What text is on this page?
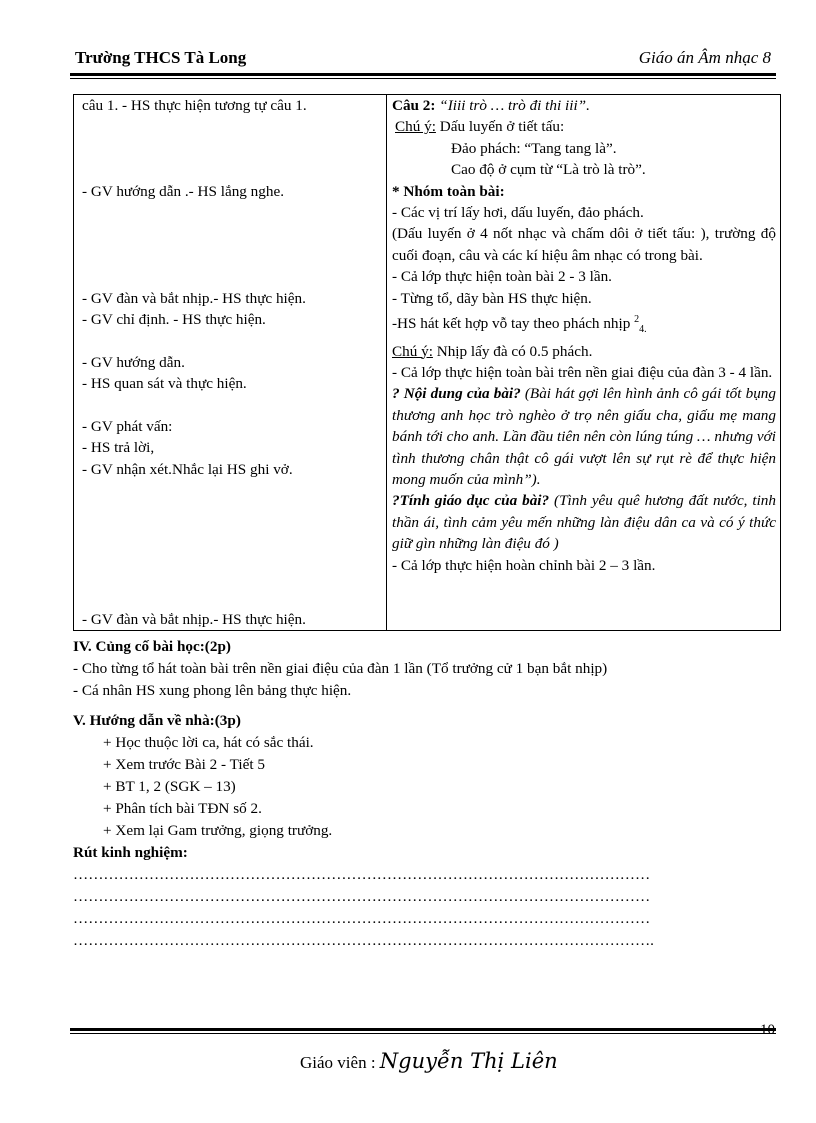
Trường THCS Tà Long	Giáo án Âm nhạc 8
câu 1. - HS thực hiện tương tự câu 1.
- GV hướng dẫn .- HS lắng nghe.
- GV đàn và bắt nhịp.- HS thực hiện.
- GV chỉ định. - HS thực hiện.
- GV hướng dẫn.
- HS quan sát và thực hiện.
- GV phát vấn:
- HS trả lời,
- GV nhận xét.Nhắc lại HS ghi vở.
- GV đàn và bắt nhịp.- HS thực hiện.

Câu 2: “Iiii trò … trò đi thi iii”.
Chú ý: Dấu luyến ở tiết tấu:
Đảo phách: “Tang tang là”.
Cao độ ở cụm từ “Là trò là trò”.
* Nhóm toàn bài:
- Các vị trí lấy hơi, dấu luyến, đảo phách.
(Dấu luyến ở 4 nốt nhạc và chấm dôi ở tiết tấu: ), trường độ cuối đoạn, câu và các kí hiệu âm nhạc có trong bài.
- Cả lớp thực hiện toàn bài 2 - 3 lần.
- Từng tổ, dãy bàn HS thực hiện.
-HS hát kết hợp vỗ tay theo phách nhịp $^2_{4.}$
Chú ý: Nhịp lấy đà có 0.5 phách.
- Cả lớp thực hiện toàn bài trên nền giai điệu của đàn 3 - 4 lần.
? Nội dung của bài? (Bài hát gợi lên hình ảnh cô gái tốt bụng thương anh học trò nghèo ở trọ nên giấu cha, giấu mẹ mang bánh tới cho anh. Lần đầu tiên nên còn lúng túng … nhưng với tình thương chân thật cô gái vượt lên sự rụt rè để thực hiện mong muốn của mình”).
?Tính giáo dục của bài? (Tình yêu quê hương đất nước, tinh thần ái, tình cảm yêu mến những làn điệu dân ca và có ý thức giữ gìn những làn điệu đó )
- Cả lớp thực hiện hoàn chỉnh bài 2 – 3 lần.
IV. Củng cố bài học:(2p)
- Cho từng tổ hát toàn bài trên nền giai điệu của đàn 1 lần (Tổ trưởng cử 1 bạn bắt nhịp)
- Cá nhân HS xung phong lên bảng thực hiện.
V. Hướng dẫn về nhà:(3p)
+ Học thuộc lời ca, hát có sắc thái.
+ Xem trước Bài 2 - Tiết 5
+ BT 1, 2 (SGK – 13)
+ Phân tích bài TĐN số 2.
+ Xem lại Gam trưởng, giọng trưởng.
Rút kinh nghiệm:
……………………………………………………………………………………………………
……………………………………………………………………………………………………
……………………………………………………………………………………………………
…………………………………………………………………………………………………….
10
Giáo viên : Nguyễn Thị Liên
